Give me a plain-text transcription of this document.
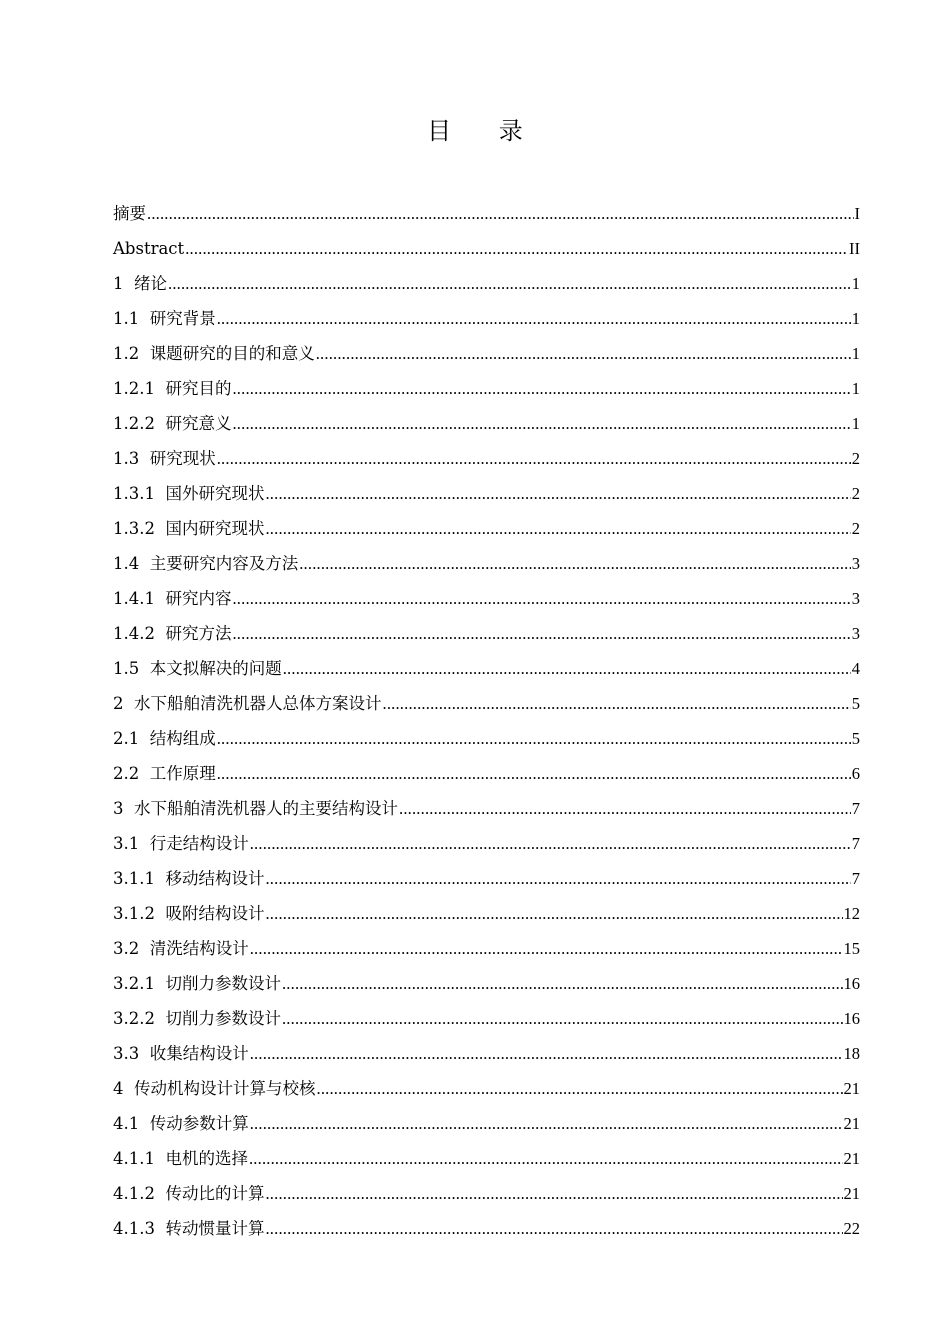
目 录
摘要 .....	I
Abstract .....	II
1  绪论 .....	1
1.1  研究背景 .....	1
1.2  课题研究的目的和意义 .....	1
1.2.1  研究目的 .....	1
1.2.2  研究意义 .....	1
1.3  研究现状 .....	2
1.3.1  国外研究现状 .....	2
1.3.2  国内研究现状 .....	2
1.4  主要研究内容及方法 .....	3
1.4.1  研究内容 .....	3
1.4.2  研究方法 .....	3
1.5  本文拟解决的问题 .....	4
2  水下船舶清洗机器人总体方案设计 .....	5
2.1  结构组成 .....	5
2.2  工作原理 .....	6
3  水下船舶清洗机器人的主要结构设计 .....	7
3.1  行走结构设计 .....	7
3.1.1  移动结构设计 .....	7
3.1.2  吸附结构设计 .....	12
3.2  清洗结构设计 .....	15
3.2.1  切削力参数设计 .....	16
3.2.2  切削力参数设计 .....	16
3.3  收集结构设计 .....	18
4  传动机构设计计算与校核 .....	21
4.1  传动参数计算 .....	21
4.1.1  电机的选择 .....	21
4.1.2  传动比的计算 .....	21
4.1.3  转动惯量计算 .....	22
